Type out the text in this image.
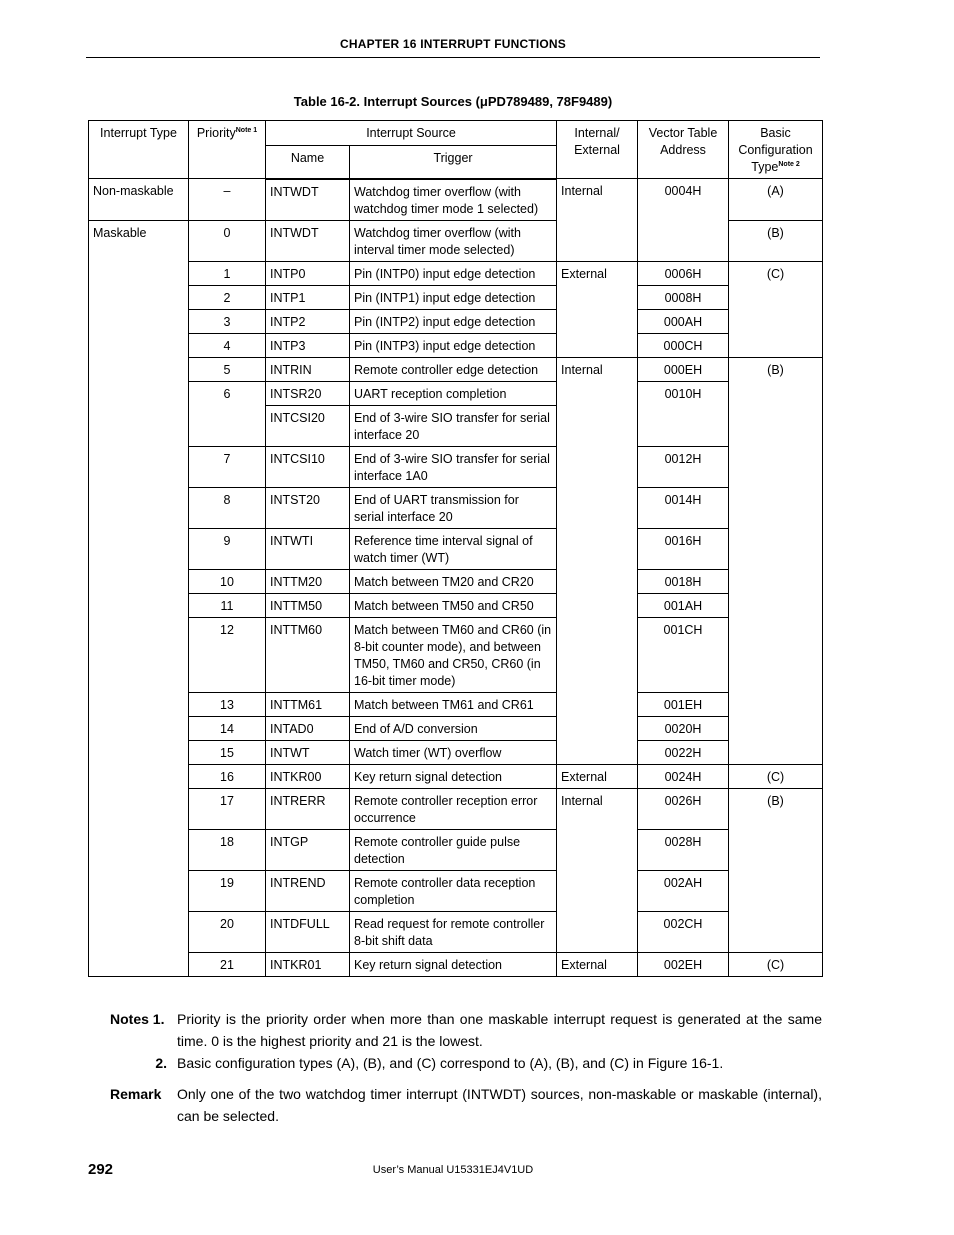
CHAPTER 16 INTERRUPT FUNCTIONS
Table 16-2. Interrupt Sources (μPD789489, 78F9489)
Interrupt Type	Priority$^{Note 1}$	Interrupt Source		Internal/ External	Vector Table Address	Basic Configuration Type$^{Note 2}$
		Name	Trigger			
Non-maskable	–	INTWDT	Watchdog timer overflow (with watchdog timer mode 1 selected)	Internal	0004H	(A)
Maskable	0	INTWDT	Watchdog timer overflow (with interval timer mode selected)			(B)
	1	INTP0	Pin (INTP0) input edge detection	External	0006H	(C)
	2	INTP1	Pin (INTP1) input edge detection		0008H	
	3	INTP2	Pin (INTP2) input edge detection		000AH	
	4	INTP3	Pin (INTP3) input edge detection		000CH	
	5	INTRIN	Remote controller edge detection	Internal	000EH	(B)
	6	INTSR20	UART reception completion		0010H	
		INTCSI20	End of 3-wire SIO transfer for serial interface 20			
	7	INTCSI10	End of 3-wire SIO transfer for serial interface 1A0		0012H	
	8	INTST20	End of UART transmission for serial interface 20		0014H	
	9	INTWTI	Reference time interval signal of watch timer (WT)		0016H	
	10	INTTM20	Match between TM20 and CR20		0018H	
	11	INTTM50	Match between TM50 and CR50		001AH	
	12	INTTM60	Match between TM60 and CR60 (in 8-bit counter mode), and between TM50, TM60 and CR50, CR60 (in 16-bit timer mode)		001CH	
	13	INTTM61	Match between TM61 and CR61		001EH	
	14	INTAD0	End of A/D conversion		0020H	
	15	INTWT	Watch timer (WT) overflow		0022H	
	16	INTKR00	Key return signal detection	External	0024H	(C)
	17	INTRERR	Remote controller reception error occurrence	Internal	0026H	(B)
	18	INTGP	Remote controller guide pulse detection		0028H	
	19	INTREND	Remote controller data reception completion		002AH	
	20	INTDFULL	Read request for remote controller 8-bit shift data		002CH	
	21	INTKR01	Key return signal detection	External	002EH	(C)
Notes 1. Priority is the priority order when more than one maskable interrupt request is generated at the same time. 0 is the highest priority and 21 is the lowest.
2. Basic configuration types (A), (B), and (C) correspond to (A), (B), and (C) in Figure 16-1.
Remark	Only one of the two watchdog timer interrupt (INTWDT) sources, non-maskable or maskable (internal), can be selected.
292	User’s Manual U15331EJ4V1UD
